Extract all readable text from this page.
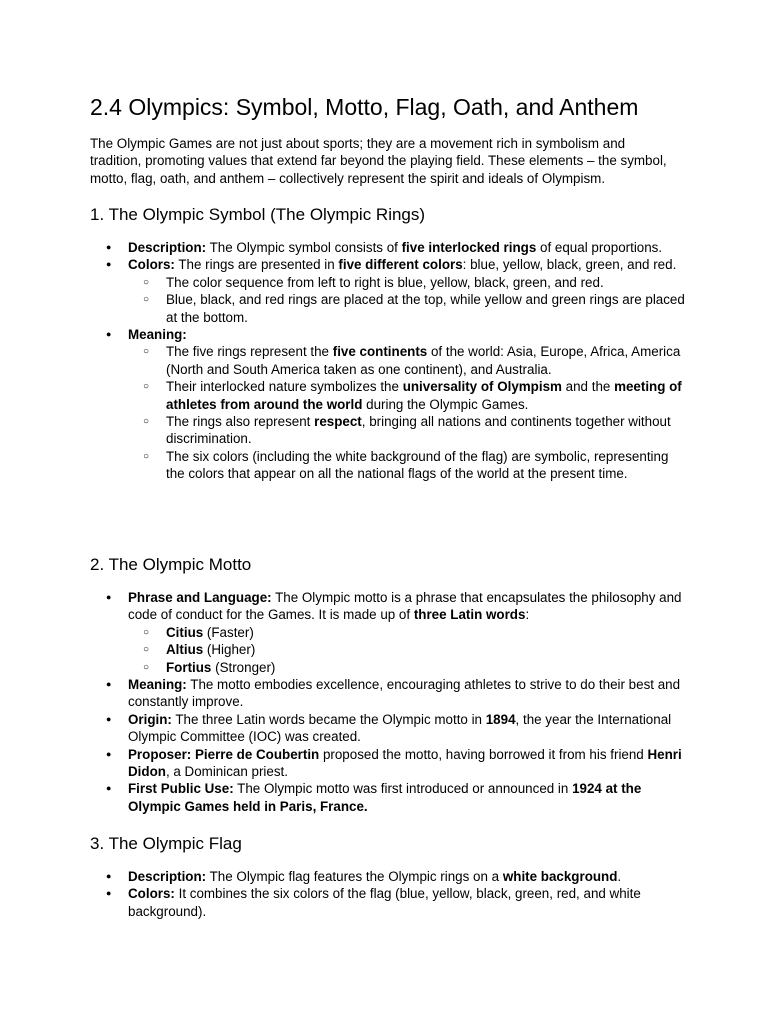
2.4 Olympics: Symbol, Motto, Flag, Oath, and Anthem

The Olympic Games are not just about sports; they are a movement rich in symbolism and tradition, promoting values that extend far beyond the playing field. These elements – the symbol, motto, flag, oath, and anthem – collectively represent the spirit and ideals of Olympism.

1. The Olympic Symbol (The Olympic Rings)
● Description: The Olympic symbol consists of five interlocked rings of equal proportions.
● Colors: The rings are presented in five different colors: blue, yellow, black, green, and red.
○ The color sequence from left to right is blue, yellow, black, green, and red.
○ Blue, black, and red rings are placed at the top, while yellow and green rings are placed at the bottom.
● Meaning:
○ The five rings represent the five continents of the world: Asia, Europe, Africa, America (North and South America taken as one continent), and Australia.
○ Their interlocked nature symbolizes the universality of Olympism and the meeting of athletes from around the world during the Olympic Games.
○ The rings also represent respect, bringing all nations and continents together without discrimination.
○ The six colors (including the white background of the flag) are symbolic, representing the colors that appear on all the national flags of the world at the present time.
2. The Olympic Motto
● Phrase and Language: The Olympic motto is a phrase that encapsulates the philosophy and code of conduct for the Games. It is made up of three Latin words:
○ Citius (Faster)
○ Altius (Higher)
○ Fortius (Stronger)
● Meaning: The motto embodies excellence, encouraging athletes to strive to do their best and constantly improve.
● Origin: The three Latin words became the Olympic motto in 1894, the year the International Olympic Committee (IOC) was created.
● Proposer: Pierre de Coubertin proposed the motto, having borrowed it from his friend Henri Didon, a Dominican priest.
● First Public Use: The Olympic motto was first introduced or announced in 1924 at the Olympic Games held in Paris, France.
3. The Olympic Flag
● Description: The Olympic flag features the Olympic rings on a white background.
● Colors: It combines the six colors of the flag (blue, yellow, black, green, red, and white background).
